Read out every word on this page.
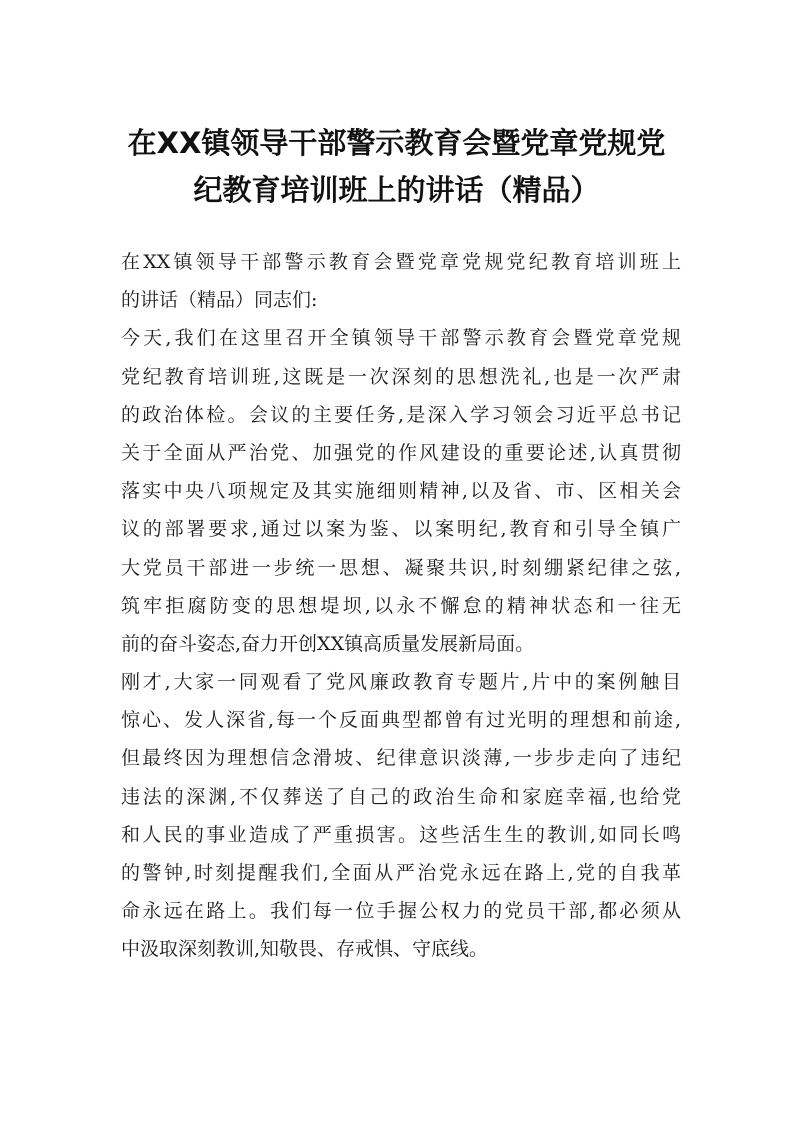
在XX镇领导干部警示教育会暨党章党规党
纪教育培训班上的讲话（精品）

在XX镇领导干部警示教育会暨党章党规党纪教育培训班上
的讲话（精品）同志们:

今天,我们在这里召开全镇领导干部警示教育会暨党章党规
党纪教育培训班,这既是一次深刻的思想洗礼,也是一次严肃
的政治体检。会议的主要任务,是深入学习领会习近平总书记
关于全面从严治党、加强党的作风建设的重要论述,认真贯彻
落实中央八项规定及其实施细则精神,以及省、市、区相关会
议的部署要求,通过以案为鉴、以案明纪,教育和引导全镇广
大党员干部进一步统一思想、凝聚共识,时刻绷紧纪律之弦,
筑牢拒腐防变的思想堤坝,以永不懈怠的精神状态和一往无
前的奋斗姿态,奋力开创XX镇高质量发展新局面。

刚才,大家一同观看了党风廉政教育专题片,片中的案例触目
惊心、发人深省,每一个反面典型都曾有过光明的理想和前途,
但最终因为理想信念滑坡、纪律意识淡薄,一步步走向了违纪
违法的深渊,不仅葬送了自己的政治生命和家庭幸福,也给党
和人民的事业造成了严重损害。这些活生生的教训,如同长鸣
的警钟,时刻提醒我们,全面从严治党永远在路上,党的自我革
命永远在路上。我们每一位手握公权力的党员干部,都必须从
中汲取深刻教训,知敬畏、存戒惧、守底线。
